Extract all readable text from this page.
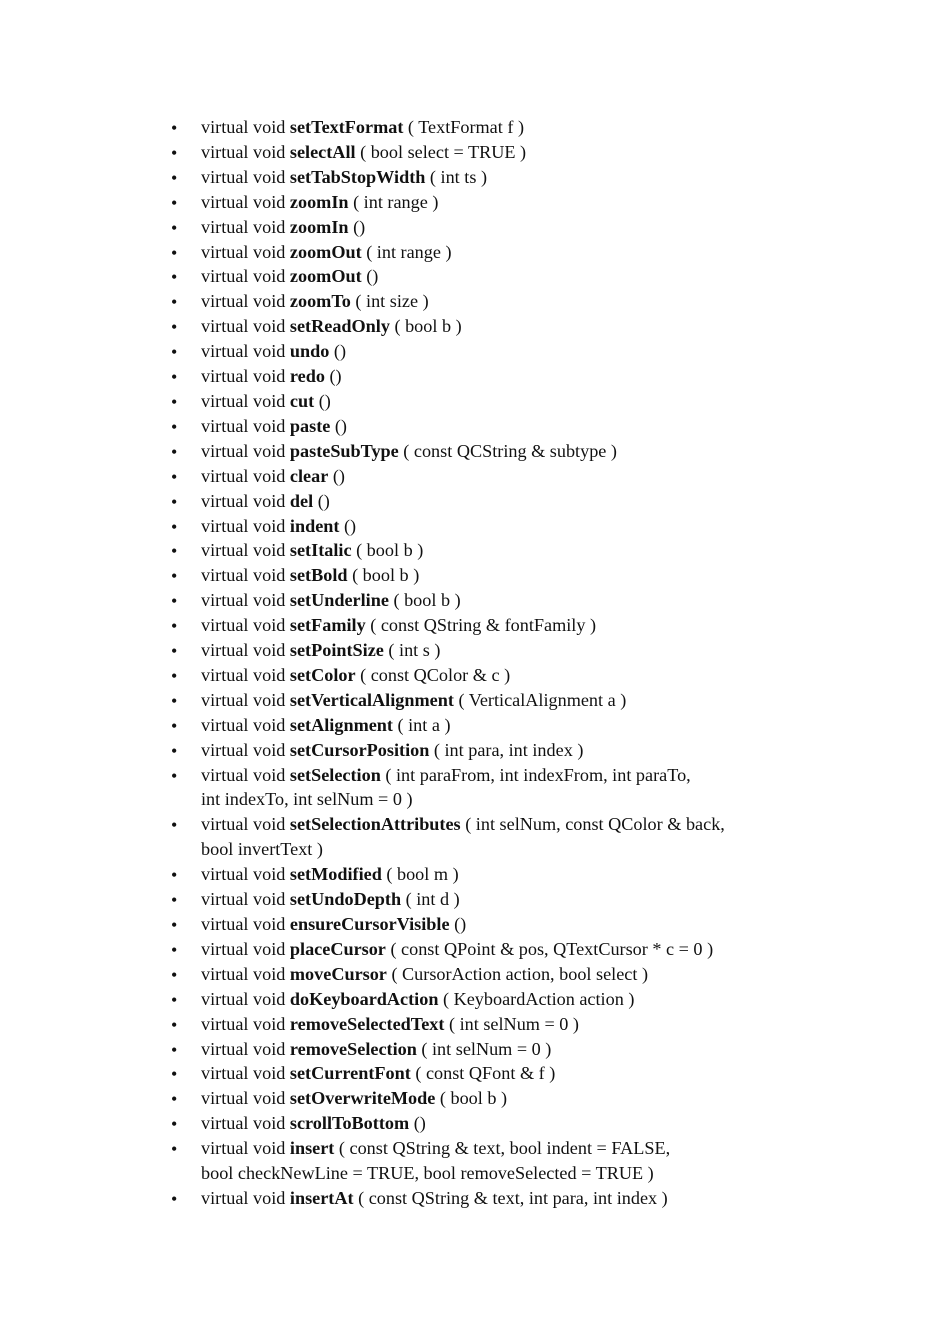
• virtual void setTextFormat ( TextFormat f )
• virtual void selectAll ( bool select = TRUE )
• virtual void setTabStopWidth ( int ts )
• virtual void zoomIn ( int range )
• virtual void zoomIn ()
• virtual void zoomOut ( int range )
• virtual void zoomOut ()
• virtual void zoomTo ( int size )
• virtual void setReadOnly ( bool b )
• virtual void undo ()
• virtual void redo ()
• virtual void cut ()
• virtual void paste ()
• virtual void pasteSubType ( const QCString & subtype )
• virtual void clear ()
• virtual void del ()
• virtual void indent ()
• virtual void setItalic ( bool b )
• virtual void setBold ( bool b )
• virtual void setUnderline ( bool b )
• virtual void setFamily ( const QString & fontFamily )
• virtual void setPointSize ( int s )
• virtual void setColor ( const QColor & c )
• virtual void setVerticalAlignment ( VerticalAlignment a )
• virtual void setAlignment ( int a )
• virtual void setCursorPosition ( int para, int index )
• virtual void setSelection ( int paraFrom, int indexFrom, int paraTo,
int indexTo, int selNum = 0 )
• virtual void setSelectionAttributes ( int selNum, const QColor & back,
bool invertText )
• virtual void setModified ( bool m )
• virtual void setUndoDepth ( int d )
• virtual void ensureCursorVisible ()
• virtual void placeCursor ( const QPoint & pos, QTextCursor * c = 0 )
• virtual void moveCursor ( CursorAction action, bool select )
• virtual void doKeyboardAction ( KeyboardAction action )
• virtual void removeSelectedText ( int selNum = 0 )
• virtual void removeSelection ( int selNum = 0 )
• virtual void setCurrentFont ( const QFont & f )
• virtual void setOverwriteMode ( bool b )
• virtual void scrollToBottom ()
• virtual void insert ( const QString & text, bool indent = FALSE,
bool checkNewLine = TRUE, bool removeSelected = TRUE )
• virtual void insertAt ( const QString & text, int para, int index )
